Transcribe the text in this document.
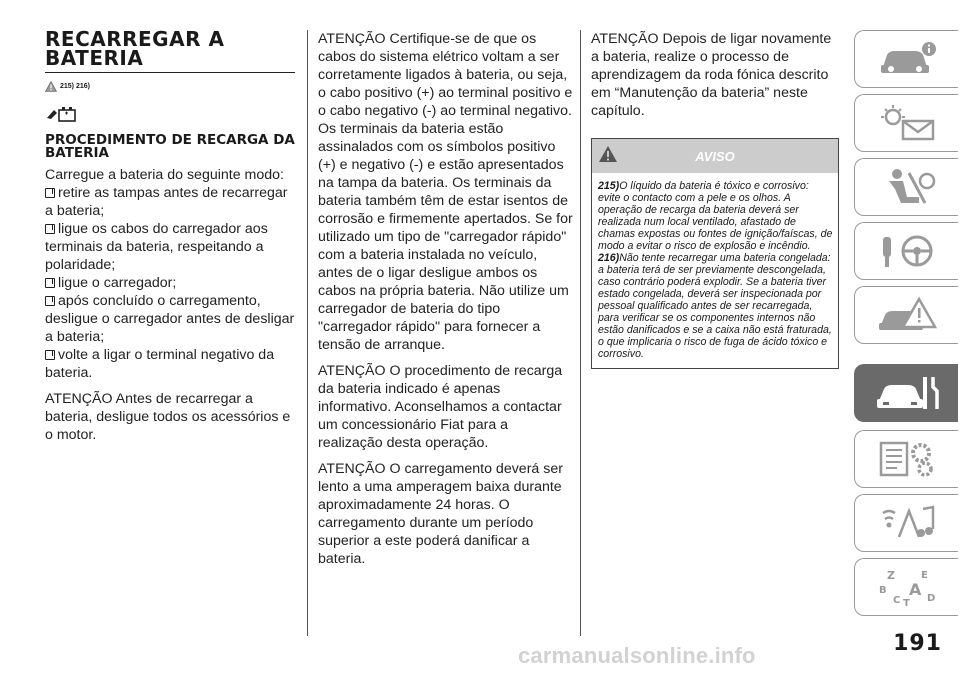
RECARREGAR A BATERIA
215) 216)
PROCEDIMENTO DE RECARGA DA BATERIA

Carregue a bateria do seguinte modo:

retire as tampas antes de recarregar a bateria;

ligue os cabos do carregador aos terminais da bateria, respeitando a polaridade;

ligue o carregador;

após concluído o carregamento, desligue o carregador antes de desligar a bateria;

volte a ligar o terminal negativo da bateria.

ATENÇÃO Antes de recarregar a bateria, desligue todos os acessórios e o motor.

ATENÇÃO Certifique-se de que os cabos do sistema elétrico voltam a ser corretamente ligados à bateria, ou seja, o cabo positivo (+) ao terminal positivo e o cabo negativo (-) ao terminal negativo. Os terminais da bateria estão assinalados com os símbolos positivo (+) e negativo (-) e estão apresentados na tampa da bateria. Os terminais da bateria também têm de estar isentos de corrosão e firmemente apertados. Se for utilizado um tipo de "carregador rápido" com a bateria instalada no veículo, antes de o ligar desligue ambos os cabos na própria bateria. Não utilize um carregador de bateria do tipo "carregador rápido" para fornecer a tensão de arranque.

ATENÇÃO O procedimento de recarga da bateria indicado é apenas informativo. Aconselhamos a contactar um concessionário Fiat para a realização desta operação.

ATENÇÃO O carregamento deverá ser lento a uma amperagem baixa durante aproximadamente 24 horas. O carregamento durante um período superior a este poderá danificar a bateria.

ATENÇÃO Depois de ligar novamente a bateria, realize o processo de aprendizagem da roda fónica descrito em “Manutenção da bateria” neste capítulo.

AVISO

215)O líquido da bateria é tóxico e corrosivo: evite o contacto com a pele e os olhos. A operação de recarga da bateria deverá ser realizada num local ventilado, afastado de chamas expostas ou fontes de ignição/faíscas, de modo a evitar o risco de explosão e incêndio.

216)Não tente recarregar uma bateria congelada: a bateria terá de ser previamente descongelada, caso contrário poderá explodir. Se a bateria tiver estado congelada, deverá ser inspecionada por pessoal qualificado antes de ser recarregada, para verificar se os componentes internos não estão danificados e se a caixa não está fraturada, o que implicaria o risco de fuga de ácido tóxico e corrosivo.

Z	E
B A
C T D
191
carmanualsonline.info
